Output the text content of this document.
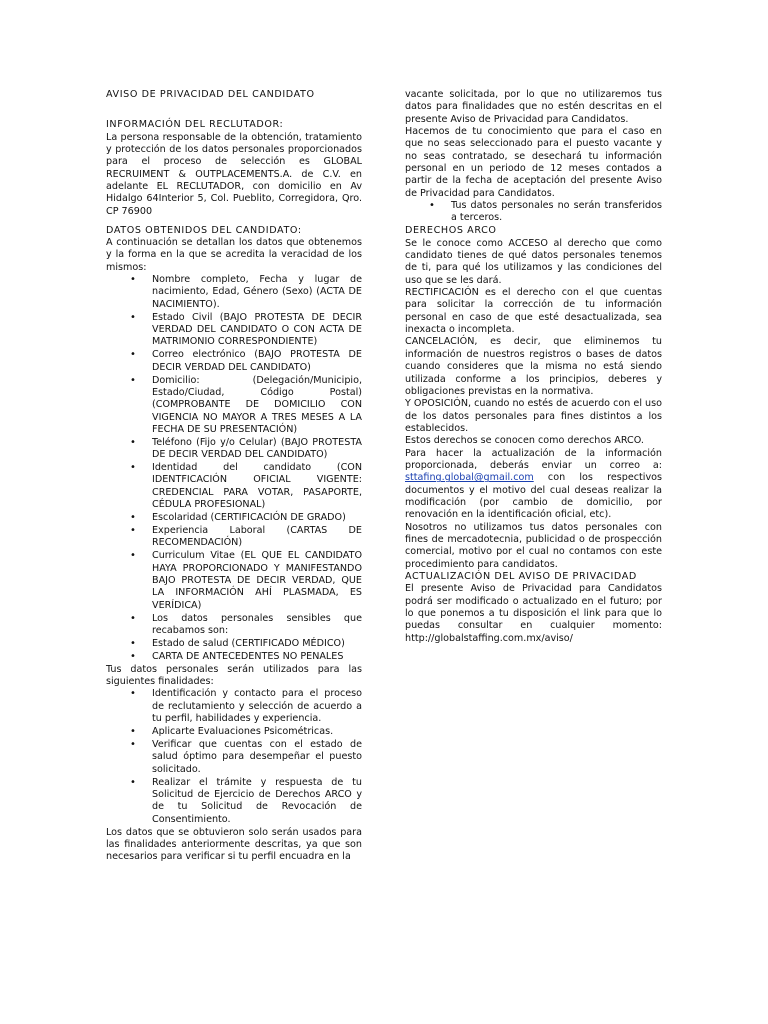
AVISO DE PRIVACIDAD DEL CANDIDATO
INFORMACIÓN DEL RECLUTADOR:

La persona responsable de la obtención, tratamiento y protección de los datos personales proporcionados para el proceso de selección es GLOBAL RECRUIMENT & OUTPLACEMENTS.A. de C.V. en adelante EL RECLUTADOR, con domicilio en Av Hidalgo 64Interior 5, Col. Pueblito, Corregidora, Qro. CP 76900

DATOS OBTENIDOS DEL CANDIDATO:

A continuación se detallan los datos que obtenemos y la forma en la que se acredita la veracidad de los mismos:

• Nombre completo, Fecha y lugar de nacimiento, Edad, Género (Sexo) (ACTA DE NACIMIENTO).
• Estado Civil (BAJO PROTESTA DE DECIR VERDAD DEL CANDIDATO O CON ACTA DE MATRIMONIO CORRESPONDIENTE)
• Correo electrónico (BAJO PROTESTA DE DECIR VERDAD DEL CANDIDATO)
• Domicilio: (Delegación/Municipio, Estado/Ciudad, Código Postal) (COMPROBANTE DE DOMICILIO CON VIGENCIA NO MAYOR A TRES MESES A LA FECHA DE SU PRESENTACIÓN)
• Teléfono (Fijo y/o Celular) (BAJO PROTESTA DE DECIR VERDAD DEL CANDIDATO)
• Identidad del candidato (CON IDENTFICACIÓN OFICIAL VIGENTE: CREDENCIAL PARA VOTAR, PASAPORTE, CÉDULA PROFESIONAL)
• Escolaridad (CERTIFICACIÓN DE GRADO)
• Experiencia Laboral (CARTAS DE RECOMENDACIÓN)
• Curriculum Vitae (EL QUE EL CANDIDATO HAYA PROPORCIONADO Y MANIFESTANDO BAJO PROTESTA DE DECIR VERDAD, QUE LA INFORMACIÓN AHÍ PLASMADA, ES VERÍDICA)
• Los datos personales sensibles que recabamos son:
• Estado de salud (CERTIFICADO MÉDICO)
• CARTA DE ANTECEDENTES NO PENALES

Tus datos personales serán utilizados para las siguientes finalidades:

• Identificación y contacto para el proceso de reclutamiento y selección de acuerdo a tu perfil, habilidades y experiencia.
• Aplicarte Evaluaciones Psicométricas.
• Verificar que cuentas con el estado de salud óptimo para desempeñar el puesto solicitado.
• Realizar el trámite y respuesta de tu Solicitud de Ejercicio de Derechos ARCO y de tu Solicitud de Revocación de Consentimiento.

Los datos que se obtuvieron solo serán usados para las finalidades anteriormente descritas, ya que son necesarios para verificar si tu perfil encuadra en la

vacante solicitada, por lo que no utilizaremos tus datos para finalidades que no estén descritas en el presente Aviso de Privacidad para Candidatos.

Hacemos de tu conocimiento que para el caso en que no seas seleccionado para el puesto vacante y no seas contratado, se desechará tu información personal en un periodo de 12 meses contados a partir de la fecha de aceptación del presente Aviso de Privacidad para Candidatos.

• Tus datos personales no serán transferidos a terceros.
DERECHOS ARCO

Se le conoce como ACCESO al derecho que como candidato tienes de qué datos personales tenemos de ti, para qué los utilizamos y las condiciones del uso que se les dará.

RECTIFICACIÓN es el derecho con el que cuentas para solicitar la corrección de tu información personal en caso de que esté desactualizada, sea inexacta o incompleta.

CANCELACIÓN, es decir, que eliminemos tu información de nuestros registros o bases de datos cuando consideres que la misma no está siendo utilizada conforme a los principios, deberes y obligaciones previstas en la normativa.

Y OPOSICIÓN, cuando no estés de acuerdo con el uso de los datos personales para fines distintos a los establecidos.

Estos derechos se conocen como derechos ARCO.

Para hacer la actualización de la información proporcionada, deberás enviar un correo a: sttafing.global@gmail.com con los respectivos documentos y el motivo del cual deseas realizar la modificación (por cambio de domicilio, por renovación en la identificación oficial, etc).

Nosotros no utilizamos tus datos personales con fines de mercadotecnia, publicidad o de prospección comercial, motivo por el cual no contamos con este procedimiento para candidatos.

ACTUALIZACIÓN DEL AVISO DE PRIVACIDAD

El presente Aviso de Privacidad para Candidatos podrá ser modificado o actualizado en el futuro; por lo que ponemos a tu disposición el link para que lo puedas consultar en cualquier momento: http://globalstaffing.com.mx/aviso/
